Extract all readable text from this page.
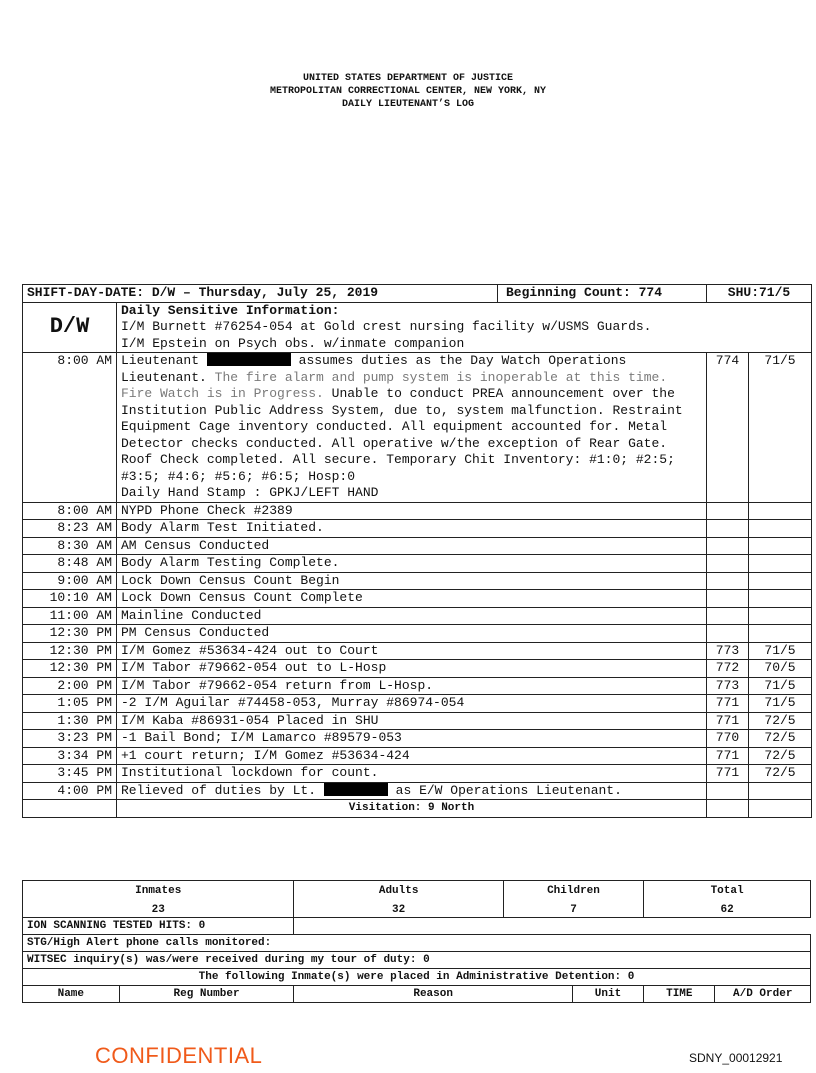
UNITED STATES DEPARTMENT OF JUSTICE
METROPOLITAN CORRECTIONAL CENTER, NEW YORK, NY
DAILY LIEUTENANT’S LOG
SHIFT-DAY-DATE: D/W – Thursday, July 25, 2019 Beginning Count: 774		SHU:71/5	
D/W	Daily Sensitive Information:
I/M Burnett #76254-054 at Gold crest nursing facility w/USMS Guards.
I/M Epstein on Psych obs. w/inmate companion		

8:00 AM	Lieutenant assumes duties as the Day Watch Operations Lieutenant. The fire alarm and pump system is inoperable at this time. Fire Watch is in Progress. Unable to conduct PREA announcement over the Institution Public Address System, due to, system malfunction. Restraint Equipment Cage inventory conducted. All equipment accounted for. Metal Detector checks conducted. All operative w/the exception of Rear Gate. Roof Check completed. All secure. Temporary Chit Inventory: #1:0; #2:5; #3:5; #4:6; #5:6; #6:5; Hosp:0
Daily Hand Stamp : GPKJ/LEFT HAND	774	71/5
8:00 AM	NYPD Phone Check #2389		
8:23 AM	Body Alarm Test Initiated.		
8:30 AM	AM Census Conducted		
8:48 AM	Body Alarm Testing Complete.		
9:00 AM	Lock Down Census Count Begin		
10:10 AM	Lock Down Census Count Complete		
11:00 AM	Mainline Conducted		
12:30 PM	PM Census Conducted		
12:30 PM	I/M Gomez #53634-424 out to Court	773	71/5
12:30 PM	I/M Tabor #79662-054 out to L-Hosp	772	70/5
2:00 PM	I/M Tabor #79662-054 return from L-Hosp.	773	71/5
1:05 PM	-2 I/M Aguilar #74458-053, Murray #86974-054	771	71/5
1:30 PM	I/M Kaba #86931-054 Placed in SHU	771	72/5
3:23 PM	-1 Bail Bond; I/M Lamarco #89579-053	770	72/5
3:34 PM	+1 court return; I/M Gomez #53634-424	771	72/5
3:45 PM	Institutional lockdown for count.	771	72/5
4:00 PM	Relieved of duties by Lt. as E/W Operations Lieutenant.		
	Visitation: 9 North		
Inmates		Adults	Children		Total	
23		32	7		62	
ION SCANNING TESTED HITS: 0						
STG/High Alert phone calls monitored:						
WITSEC inquiry(s) was/were received during my tour of duty: 0						
The following Inmate(s) were placed in Administrative Detention: 0						
Name	Reg Number	Reason		Unit	TIME	A/D Order
CONFIDENTIAL	SDNY_00012921
